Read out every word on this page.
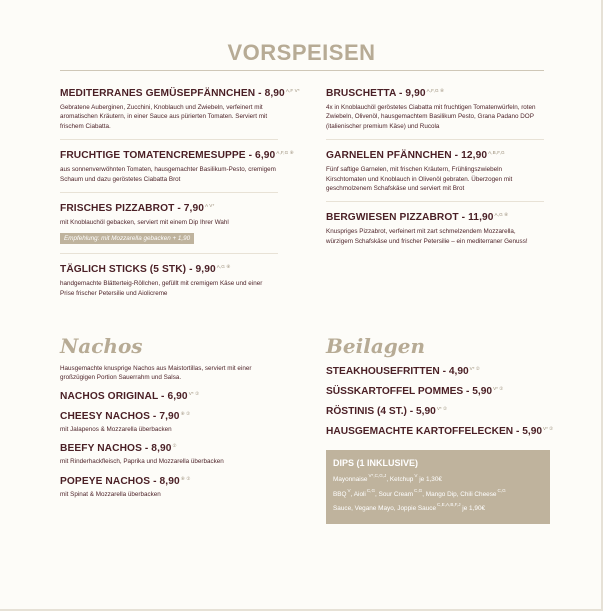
VORSPEISEN
MEDITERRANES GEMÜSEPFÄNNCHEN - $8,90^{A,F V*}$
Gebratene Auberginen, Zucchini, Knoblauch und Zwiebeln, verfeinert mit aromatischen Kräutern, in einer Sauce aus pürierten Tomaten. Serviert mit frischem Ciabatta.
FRUCHTIGE TOMATENCREMESUPPE - $6,90^{A,F,G ⑧}$
aus sonnenverwöhnten Tomaten, hausgemachter Basilikum-Pesto, cremigem Schaum und dazu geröstetes Ciabatta Brot
FRISCHES PIZZABROT - $7,90^{A V*}$
mit Knoblauchöl gebacken, serviert mit einem Dip Ihrer Wahl
Empfehlung: mit Mozzarella gebacken + 1,90
TÄGLICH STICKS (5 $STK) - 9,90^{A,G ⑧}$
handgemachte Blätterteig-Röllchen, gefüllt mit cremigem Käse und einer Prise frischer Petersilie und Aiolicreme
BRUSCHETTA - $9,90^{A,F,G ⑧}$
4x in Knoblauchöl geröstetes Ciabatta mit fruchtigen Tomatenwürfeln, roten Zwiebeln, Olivenöl, hausgemachtem Basilikum Pesto, Grana Padano DOP (italienischer premium Käse) und Rucola
GARNELEN PFÄNNCHEN - $12,90^{A,B,F,G}$
Fünf saftige Garnelen, mit frischen Kräutern, Frühlingszwiebeln Kirschtomaten und Knoblauch in Olivenöl gebraten. Überzogen mit geschmolzenem Schafskäse und serviert mit Brot
BERGWIESEN PIZZABROT - $11,90^{A,G ⑧}$
Knuspriges Pizzabrot, verfeinert mit zart schmelzendem Mozzarella, würzigem Schafskäse und frischer Petersilie – ein mediterraner Genuss!
Nachos
Hausgemachte knusprige Nachos aus Maistortillas, serviert mit einer großzügigen Portion Sauerrahm und Salsa.
NACHOS ORIGINAL - $6,90^{V* ②}$
CHEESY NACHOS - 7,90⑧ ②
mit Jalapenos & Mozzarella überbacken
BEEFY NACHOS - 8,90②
mit Rinderhackfleisch, Paprika und Mozzarella überbacken
POPEYE NACHOS - 8,90⑧ ②
mit Spinat & Mozzarella überbacken
Beilagen
STEAKHOUSEFRITTEN - $4,90^{V* ②}$
SÜSSKARTOFFEL POMMES - $5,90^{V* ②}$
RÖSTINIS (4 $ST.) - 5,90^{V* ②}$
HAUSGEMACHTE KARTOFFELECKEN - $5,90^{V* ②}$
DIPS (1 INKLUSIVE)
Mayonnaise$^{V*,C,G,J}$, Ketchup$^V$ je 1,30€
$BBQ^V$, Aioli$^{C,G}$, Sour Cream$^{C,G}$, Mango Dip, Chili Cheese$^{C,G}$
Sauce, Vegane Mayo, Joppie Sauce$^{C,E,A,B,F,J}$ je 1,90€
